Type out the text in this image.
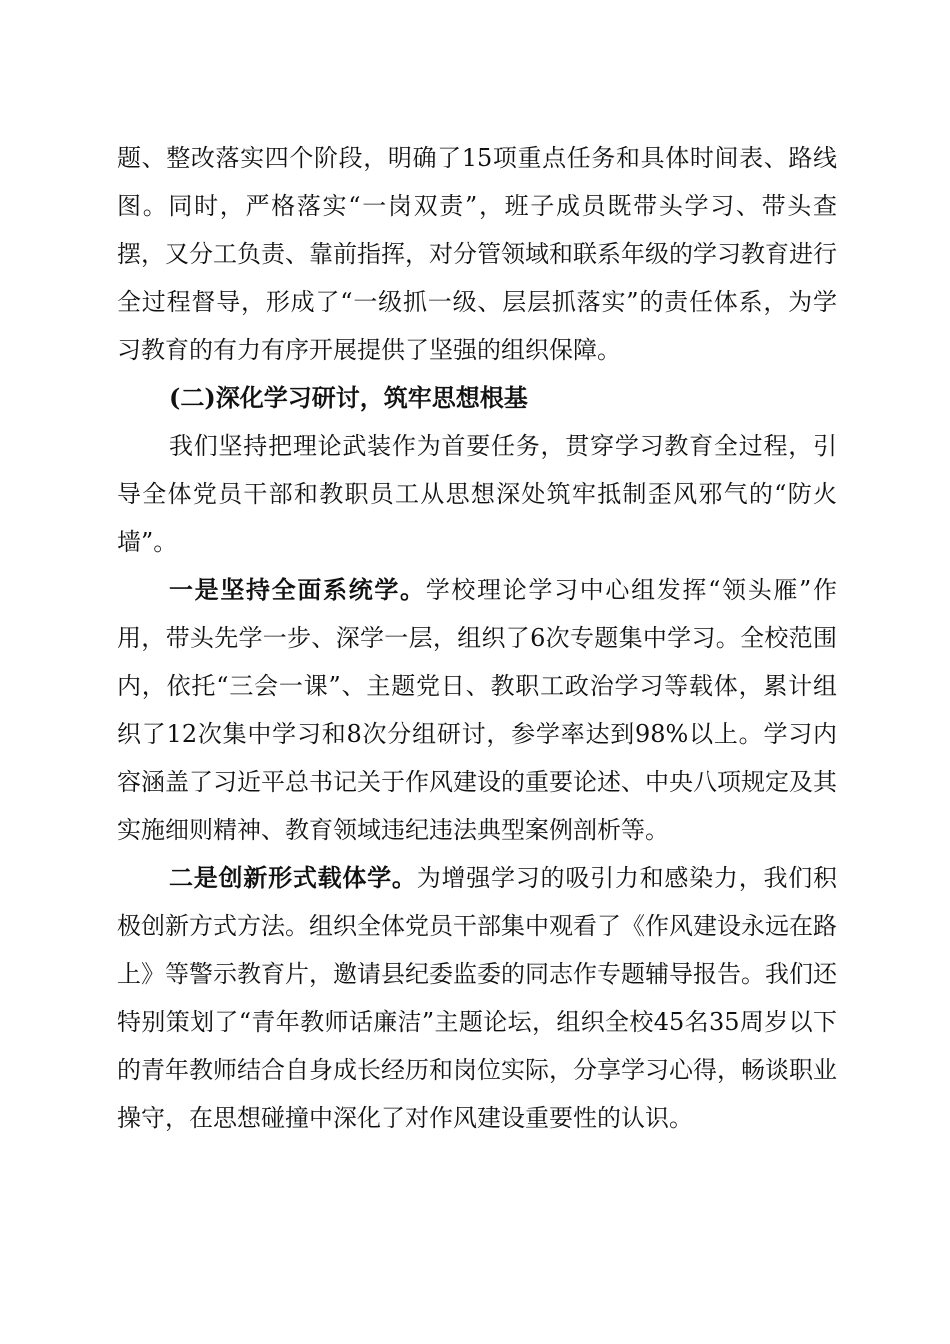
题、整改落实四个阶段，明确了15项重点任务和具体时间表、路线图。同时，严格落实“一岗双责”，班子成员既带头学习、带头查摆，又分工负责、靠前指挥，对分管领域和联系年级的学习教育进行全过程督导，形成了“一级抓一级、层层抓落实”的责任体系，为学习教育的有力有序开展提供了坚强的组织保障。

(二)深化学习研讨，筑牢思想根基

我们坚持把理论武装作为首要任务，贯穿学习教育全过程，引导全体党员干部和教职员工从思想深处筑牢抵制歪风邪气的“防火墙”。

一是坚持全面系统学。学校理论学习中心组发挥“领头雁”作用，带头先学一步、深学一层，组织了6次专题集中学习。全校范围内，依托“三会一课”、主题党日、教职工政治学习等载体，累计组织了12次集中学习和8次分组研讨，参学率达到98%以上。学习内容涵盖了习近平总书记关于作风建设的重要论述、中央八项规定及其实施细则精神、教育领域违纪违法典型案例剖析等。

二是创新形式载体学。为增强学习的吸引力和感染力，我们积极创新方式方法。组织全体党员干部集中观看了《作风建设永远在路上》等警示教育片，邀请县纪委监委的同志作专题辅导报告。我们还特别策划了“青年教师话廉洁”主题论坛，组织全校45名35周岁以下的青年教师结合自身成长经历和岗位实际，分享学习心得，畅谈职业操守，在思想碰撞中深化了对作风建设重要性的认识。
